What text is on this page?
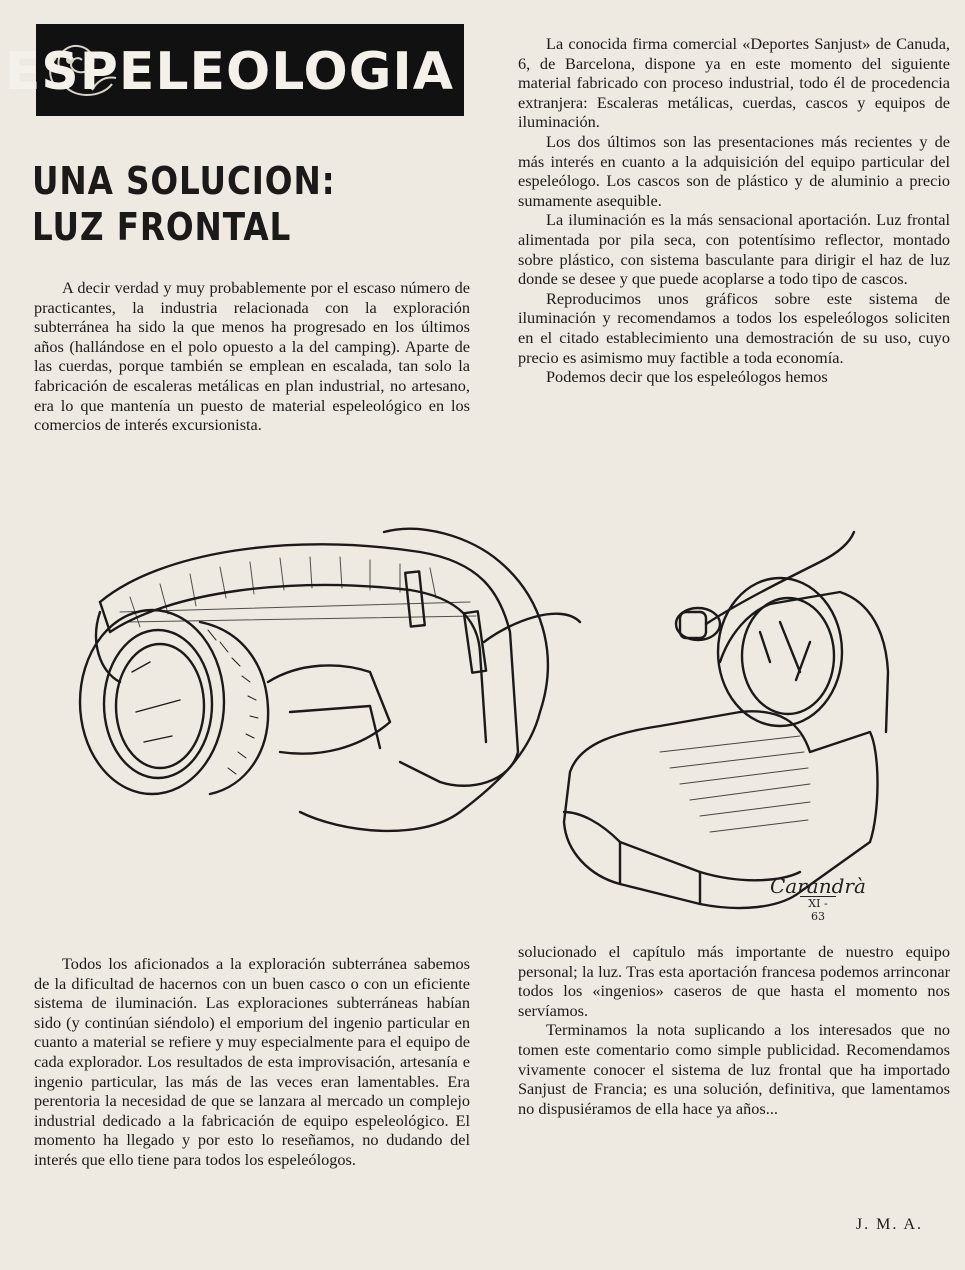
ESPELEOLOGIA
UNA SOLUCION:
LUZ FRONTAL

A decir verdad y muy probablemente por el escaso número de practicantes, la industria relacionada con la exploración subterránea ha sido la que menos ha progresado en los últimos años (hallándose en el polo opuesto a la del camping). Aparte de las cuerdas, porque también se emplean en escalada, tan solo la fabricación de escaleras metálicas en plan industrial, no artesano, era lo que mantenía un puesto de material espeleológico en los comercios de interés excursionista.

La conocida firma comercial «Deportes Sanjust» de Canuda, 6, de Barcelona, dispone ya en este momento del siguiente material fabricado con proceso industrial, todo él de procedencia extranjera: Escaleras metálicas, cuerdas, cascos y equipos de iluminación.

Los dos últimos son las presentaciones más recientes y de más interés en cuanto a la adquisición del equipo particular del espeleólogo. Los cascos son de plástico y de aluminio a precio sumamente asequible.

La iluminación es la más sensacional aportación. Luz frontal alimentada por pila seca, con potentísimo reflector, montado sobre plástico, con sistema basculante para dirigir el haz de luz donde se desee y que puede acoplarse a todo tipo de cascos.

Reproducimos unos gráficos sobre este sistema de iluminación y recomendamos a todos los espeleólogos soliciten en el citado establecimiento una demostración de su uso, cuyo precio es asimismo muy factible a toda economía.

Podemos decir que los espeleólogos hemos

Carandrà
XI - 63

Todos los aficionados a la exploración subterránea sabemos de la dificultad de hacernos con un buen casco o con un eficiente sistema de iluminación. Las exploraciones subterráneas habían sido (y continúan siéndolo) el emporium del ingenio particular en cuanto a material se refiere y muy especialmente para el equipo de cada explorador. Los resultados de esta improvisación, artesanía e ingenio particular, las más de las veces eran lamentables. Era perentoria la necesidad de que se lanzara al mercado un complejo industrial dedicado a la fabricación de equipo espeleológico. El momento ha llegado y por esto lo reseñamos, no dudando del interés que ello tiene para todos los espeleólogos.

solucionado el capítulo más importante de nuestro equipo personal; la luz. Tras esta aportación francesa podemos arrinconar todos los «ingenios» caseros de que hasta el momento nos servíamos.

Terminamos la nota suplicando a los interesados que no tomen este comentario como simple publicidad. Recomendamos vivamente conocer el sistema de luz frontal que ha importado Sanjust de Francia; es una solución, definitiva, que lamentamos no dispusiéramos de ella hace ya años...

J. M. A.
